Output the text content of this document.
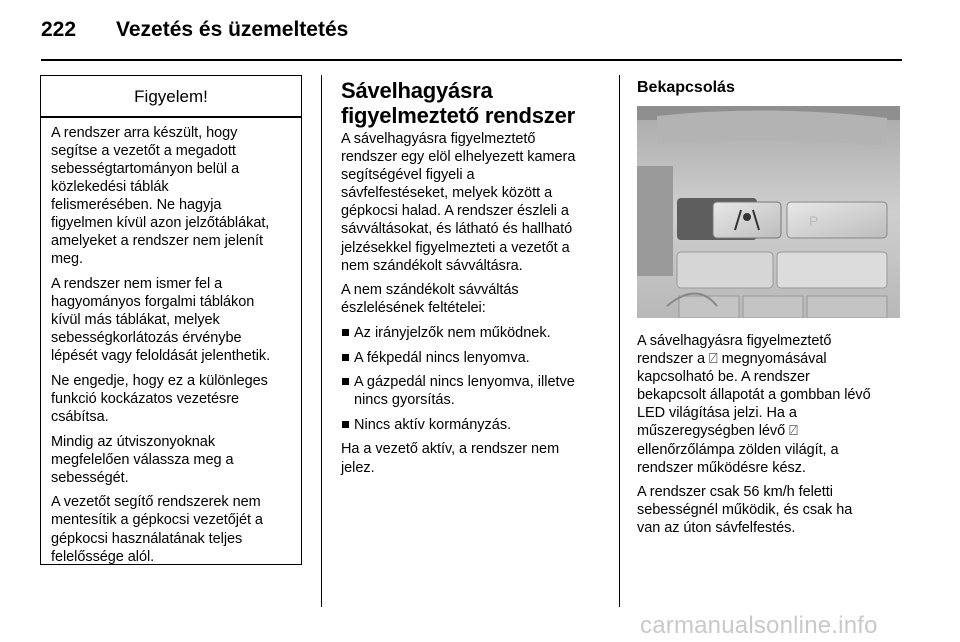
222 Vezetés és üzemeltetés
Figyelem!

A rendszer arra készült, hogy
segítse a vezetőt a megadott
sebességtartományon belül a
közlekedési táblák
felismerésében. Ne hagyja
figyelmen kívül azon jelzőtáblákat,
amelyeket a rendszer nem jelenít
meg.

A rendszer nem ismer fel a
hagyományos forgalmi táblákon
kívül más táblákat, melyek
sebességkorlátozás érvénybe
lépését vagy feloldását jelenthetik.

Ne engedje, hogy ez a különleges
funkció kockázatos vezetésre
csábítsa.

Mindig az útviszonyoknak
megfelelően válassza meg a
sebességét.

A vezetőt segítő rendszerek nem
mentesítik a gépkocsi vezetőjét a
gépkocsi használatának teljes
felelőssége alól.

Sávelhagyásra
figyelmeztető rendszer

A sávelhagyásra figyelmeztető
rendszer egy elöl elhelyezett kamera
segítségével figyeli a
sávfelfestéseket, melyek között a
gépkocsi halad. A rendszer észleli a
sávváltásokat, és látható és hallható
jelzésekkel figyelmezteti a vezetőt a
nem szándékolt sávváltásra.

A nem szándékolt sávváltás
észlelésének feltételei:

Az irányjelzők nem működnek.
A fékpedál nincs lenyomva.
A gázpedál nincs lenyomva, illetve
nincs gyorsítás.
Nincs aktív kormányzás.

Ha a vezető aktív, a rendszer nem
jelez.

Bekapcsolás
P

A sávelhagyásra figyelmeztető
rendszer a ⍁ megnyomásával
kapcsolható be. A rendszer
bekapcsolt állapotát a gombban lévő
LED világítása jelzi. Ha a
műszeregységben lévő ⍁
ellenőrzőlámpa zölden világít, a
rendszer működésre kész.

A rendszer csak 56 km/h feletti
sebességnél működik, és csak ha
van az úton sávfelfestés.

carmanualsonline.info
